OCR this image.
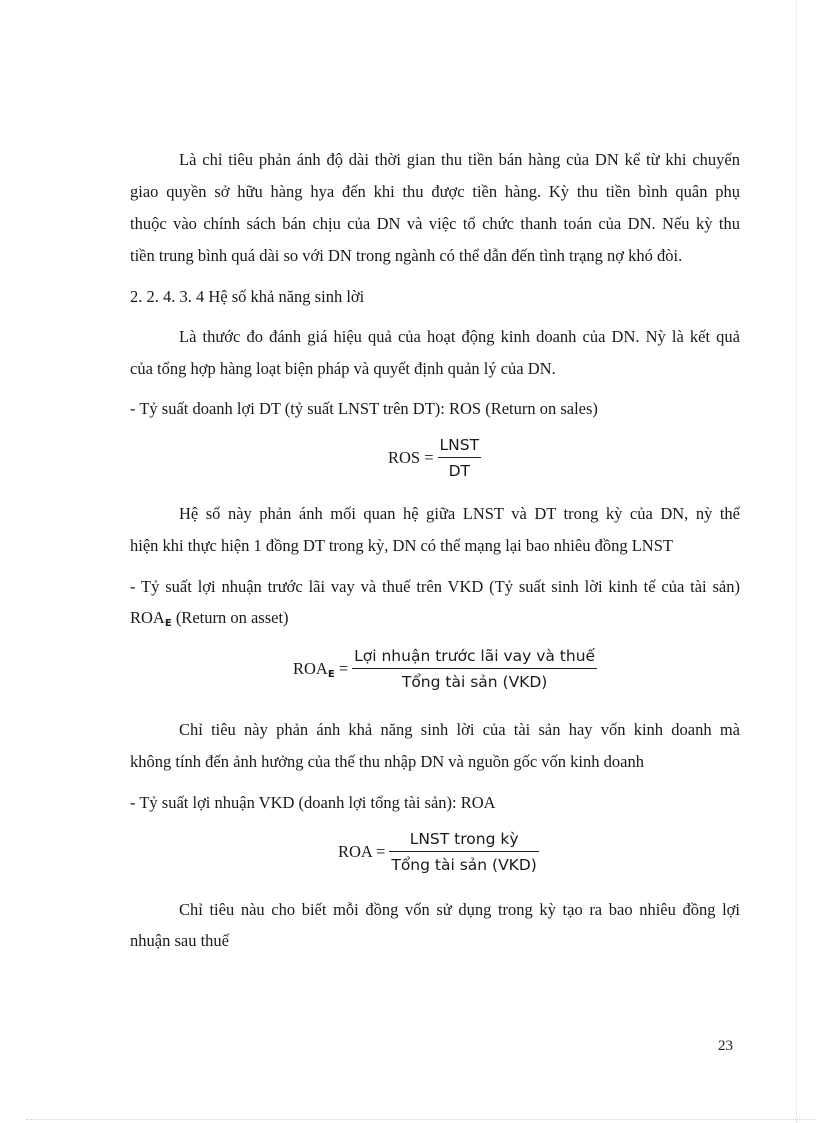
Là chỉ tiêu phản ánh độ dài thời gian thu tiền bán hàng của DN kể từ khi chuyển
giao quyền sở hữu hàng hya đến khi thu được tiền hàng. Kỳ thu tiền bình quân phụ
thuộc vào chính sách bán chịu của DN và việc tổ chức thanh toán của DN. Nếu kỳ thu
tiền trung bình quá dài so với DN trong ngành có thể dẫn đến tình trạng nợ khó đòi.
2. 2. 4. 3. 4 Hệ số khả năng sinh lời
Là thước đo đánh giá hiệu quả của hoạt động kinh doanh của DN. Nỳ là kết quả
của tổng hợp hàng loạt biện pháp và quyết định quản lý của DN.
- Tỷ suất doanh lợi DT (tỷ suất LNST trên DT): ROS (Return on sales)
ROS = $\frac{\text{LNST}}{DT}$
Hệ số này phản ánh mối quan hệ giữa LNST và DT trong kỳ của DN, nỳ thể
hiện khi thực hiện 1 đồng DT trong kỳ, DN có thể mạng lại bao nhiêu đồng LNST
- Tỷ suất lợi nhuận trước lãi vay và thuế trên VKD (Tỷ suất sinh lời kinh tế của tài sản)
$ROA_E$ (Return on asset)
$ROA_E = \frac{\text{Lợi nhuận trước lãi vay và thuế}}{\text{Tổng tài sản (VKD)}}$
Chỉ tiêu này phản ánh khả năng sinh lời của tài sản hay vốn kinh doanh mà
không tính đến ảnh hưởng của thế thu nhập DN và nguồn gốc vốn kinh doanh
- Tỷ suất lợi nhuận VKD (doanh lợi tổng tài sản): ROA
ROA = $\frac{\text{LNST trong kỳ}}{\text{Tổng tài sản (VKD)}}$
Chỉ tiêu nàu cho biết mỗi đồng vốn sử dụng trong kỳ tạo ra bao nhiêu đồng lợi
nhuận sau thuế
23
